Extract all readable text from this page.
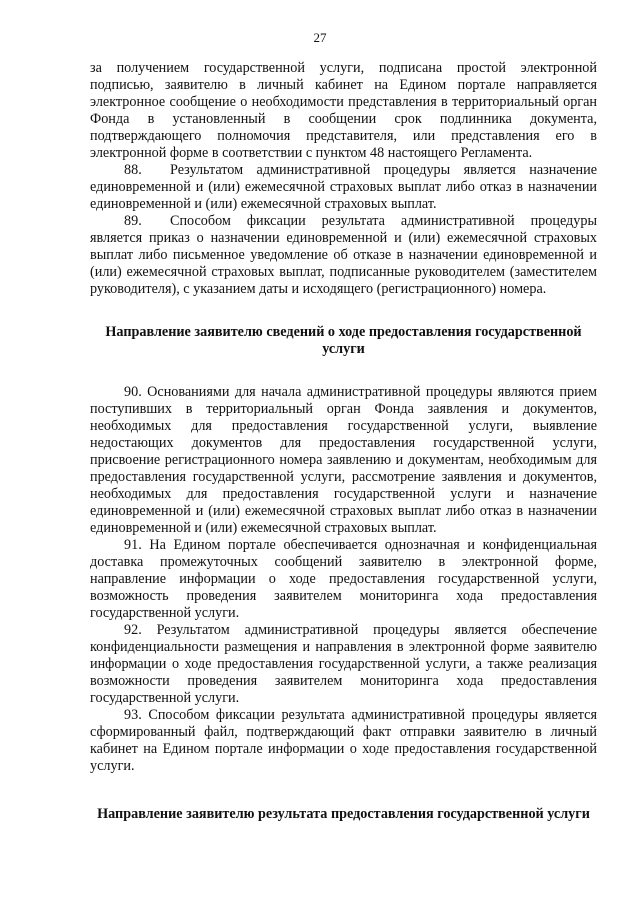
27

за получением государственной услуги, подписана простой электронной подписью, заявителю в личный кабинет на Едином портале направляется электронное сообщение о необходимости представления в территориальный орган Фонда в установленный в сообщении срок подлинника документа, подтверждающего полномочия представителя, или представления его в электронной форме в соответствии с пунктом 48 настоящего Регламента.

88. Результатом административной процедуры является назначение единовременной и (или) ежемесячной страховых выплат либо отказ в назначении единовременной и (или) ежемесячной страховых выплат.

89. Способом фиксации результата административной процедуры является приказ о назначении единовременной и (или) ежемесячной страховых выплат либо письменное уведомление об отказе в назначении единовременной и (или) ежемесячной страховых выплат, подписанные руководителем (заместителем руководителя), с указанием даты и исходящего (регистрационного) номера.

Направление заявителю сведений о ходе предоставления государственной услуги

90. Основаниями для начала административной процедуры являются прием поступивших в территориальный орган Фонда заявления и документов, необходимых для предоставления государственной услуги, выявление недостающих документов для предоставления государственной услуги, присвоение регистрационного номера заявлению и документам, необходимым для предоставления государственной услуги, рассмотрение заявления и документов, необходимых для предоставления государственной услуги и назначение единовременной и (или) ежемесячной страховых выплат либо отказ в назначении единовременной и (или) ежемесячной страховых выплат.

91. На Едином портале обеспечивается однозначная и конфиденциальная доставка промежуточных сообщений заявителю в электронной форме, направление информации о ходе предоставления государственной услуги, возможность проведения заявителем мониторинга хода предоставления государственной услуги.

92. Результатом административной процедуры является обеспечение конфиденциальности размещения и направления в электронной форме заявителю информации о ходе предоставления государственной услуги, а также реализация возможности проведения заявителем мониторинга хода предоставления государственной услуги.

93. Способом фиксации результата административной процедуры является сформированный файл, подтверждающий факт отправки заявителю в личный кабинет на Едином портале информации о ходе предоставления государственной услуги.

Направление заявителю результата предоставления государственной услуги
